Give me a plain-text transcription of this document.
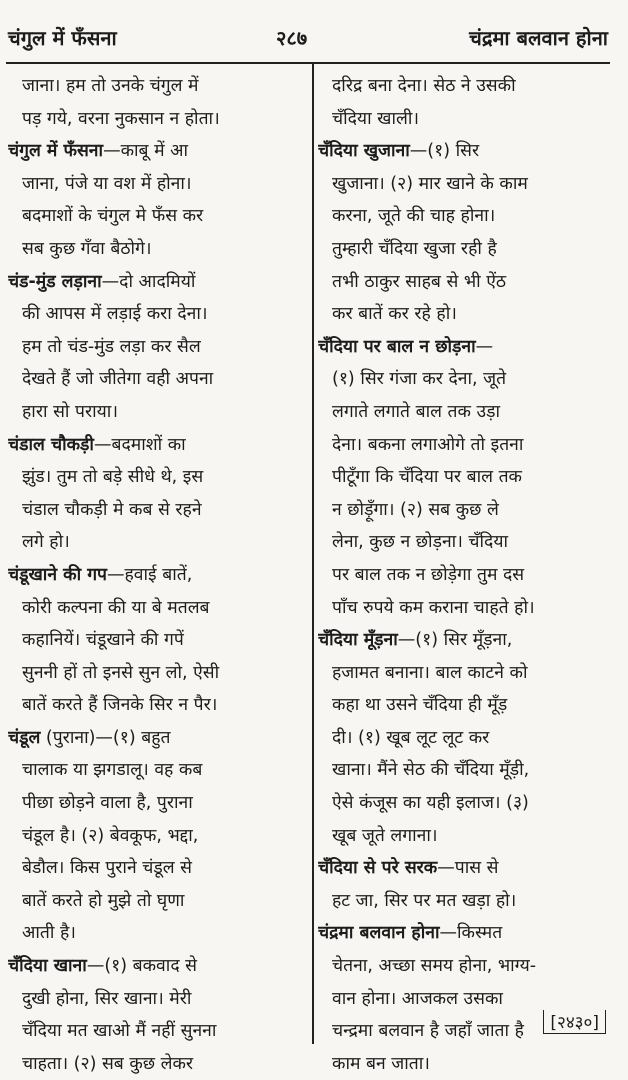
चंगुल में फँसना	२८७	चंद्रमा बलवान होना
जाना। हम तो उनके चंगुल में
पड़ गये, वरना नुकसान न होता।
चंगुल में फँसना—काबू में आ
जाना, पंजे या वश में होना।
बदमाशों के चंगुल मे फँस कर
सब कुछ गँवा बैठोगे।
चंड-मुंड लड़ाना—दो आदमियों
की आपस में लड़ाई करा देना।
हम तो चंड-मुंड लड़ा कर सैल
देखते हैं जो जीतेगा वही अपना
हारा सो पराया।
चंडाल चौकड़ी—बदमाशों का
झुंड। तुम तो बड़े सीधे थे, इस
चंडाल चौकड़ी मे कब से रहने
लगे हो।
चंडूखाने की गप—हवाई बातें,
कोरी कल्पना की या बे मतलब
कहानियें। चंडूखाने की गपें
सुननी हों तो इनसे सुन लो, ऐसी
बातें करते हैं जिनके सिर न पैर।
चंडूल (पुराना)—(१) बहुत
चालाक या झगडालू। वह कब
पीछा छोड़ने वाला है, पुराना
चंडूल है। (२) बेवकूफ, भद्दा,
बेडौल। किस पुराने चंडूल से
बातें करते हो मुझे तो घृणा
आती है।
चँदिया खाना—(१) बकवाद से
दुखी होना, सिर खाना। मेरी
चँदिया मत खाओ मैं नहीं सुनना
चाहता। (२) सब कुछ लेकर
दरिद्र बना देना। सेठ ने उसकी
चँदिया खाली।
चँदिया खुजाना—(१) सिर
खुजाना। (२) मार खाने के काम
करना, जूते की चाह होना।
तुम्हारी चँदिया खुजा रही है
तभी ठाकुर साहब से भी ऐंठ
कर बातें कर रहे हो।
चँदिया पर बाल न छोड़ना—
(१) सिर गंजा कर देना, जूते
लगाते लगाते बाल तक उड़ा
देना। बकना लगाओगे तो इतना
पीटूँगा कि चँदिया पर बाल तक
न छोड़ूँगा। (२) सब कुछ ले
लेना, कुछ न छोड़ना। चँदिया
पर बाल तक न छोड़ेगा तुम दस
पाँच रुपये कम कराना चाहते हो।
चँदिया मूँड़ना—(१) सिर मूँड़ना,
हजामत बनाना। बाल काटने को
कहा था उसने चँदिया ही मूँड़
दी। (१) खूब लूट लूट कर
खाना। मैंने सेठ की चँदिया मूँड़ी,
ऐसे कंजूस का यही इलाज। (३)
खूब जूते लगाना।
चँदिया से परे सरक—पास से
हट जा, सिर पर मत खड़ा हो।
चंद्रमा बलवान होना—किस्मत
चेतना, अच्छा समय होना, भाग्य-
वान होना। आजकल उसका
चन्द्रमा बलवान है जहाँ जाता है
काम बन जाता।
[२४३०]
